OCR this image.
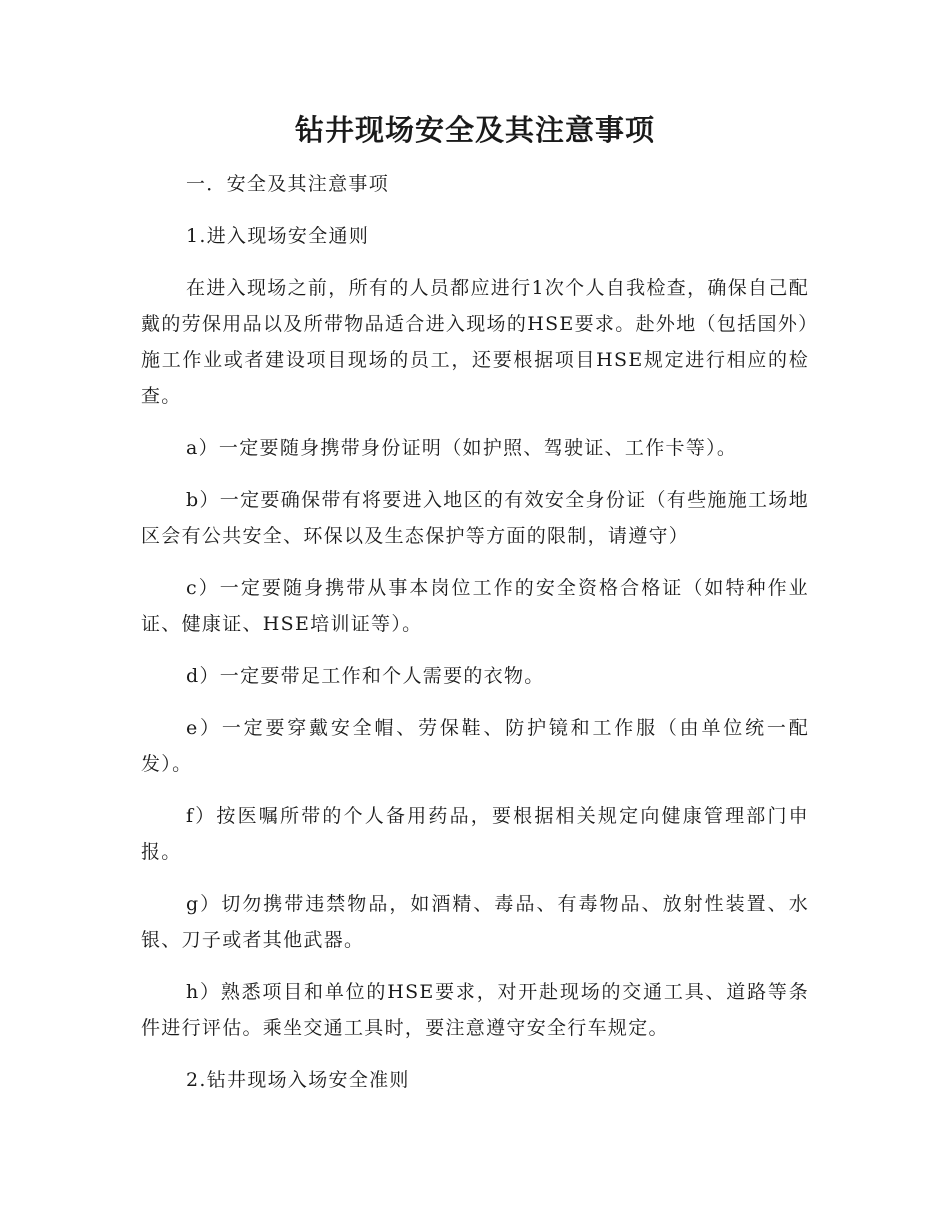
钻井现场安全及其注意事项

一．安全及其注意事项

1.进入现场安全通则

在进入现场之前，所有的人员都应进行1次个人自我检查，确保自己配戴的劳保用品以及所带物品适合进入现场的HSE要求。赴外地（包括国外）施工作业或者建设项目现场的员工，还要根据项目HSE规定进行相应的检查。

a）一定要随身携带身份证明（如护照、驾驶证、工作卡等）。

b）一定要确保带有将要进入地区的有效安全身份证（有些施施工场地区会有公共安全、环保以及生态保护等方面的限制，请遵守）

c）一定要随身携带从事本岗位工作的安全资格合格证（如特种作业证、健康证、HSE培训证等）。

d）一定要带足工作和个人需要的衣物。

e）一定要穿戴安全帽、劳保鞋、防护镜和工作服（由单位统一配发）。

f）按医嘱所带的个人备用药品，要根据相关规定向健康管理部门申报。

g）切勿携带违禁物品，如酒精、毒品、有毒物品、放射性装置、水银、刀子或者其他武器。

h）熟悉项目和单位的HSE要求，对开赴现场的交通工具、道路等条件进行评估。乘坐交通工具时，要注意遵守安全行车规定。

2.钻井现场入场安全准则
